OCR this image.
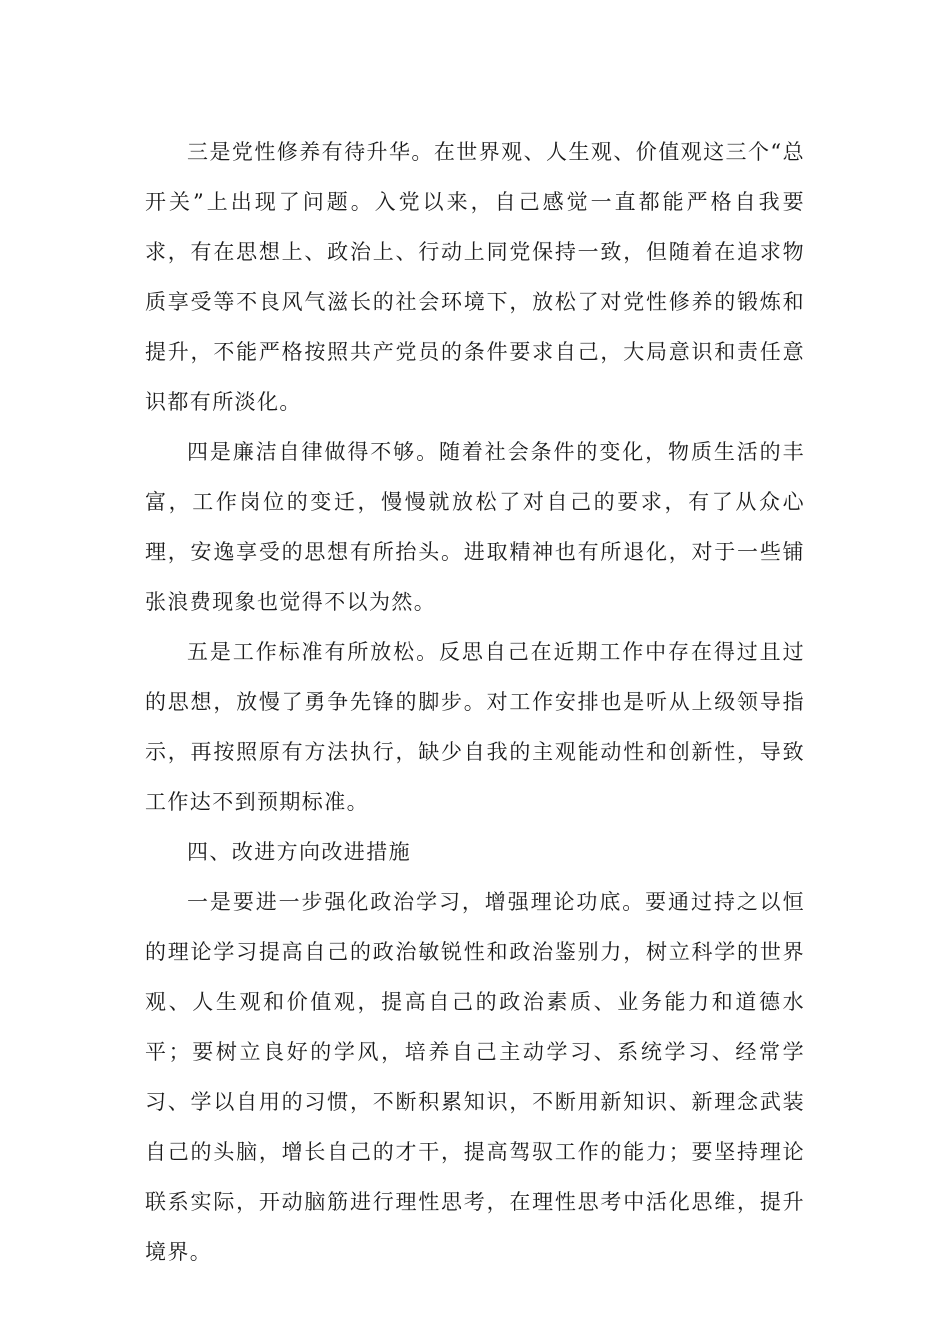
三是党性修养有待升华。在世界观、人生观、价值观这三个“总开关”上出现了问题。入党以来，自己感觉一直都能严格自我要求，有在思想上、政治上、行动上同党保持一致，但随着在追求物质享受等不良风气滋长的社会环境下，放松了对党性修养的锻炼和提升，不能严格按照共产党员的条件要求自己，大局意识和责任意识都有所淡化。

四是廉洁自律做得不够。随着社会条件的变化，物质生活的丰富，工作岗位的变迁，慢慢就放松了对自己的要求，有了从众心理，安逸享受的思想有所抬头。进取精神也有所退化，对于一些铺张浪费现象也觉得不以为然。

五是工作标准有所放松。反思自己在近期工作中存在得过且过的思想，放慢了勇争先锋的脚步。对工作安排也是听从上级领导指示，再按照原有方法执行，缺少自我的主观能动性和创新性，导致工作达不到预期标准。

四、改进方向改进措施

一是要进一步强化政治学习，增强理论功底。要通过持之以恒的理论学习提高自己的政治敏锐性和政治鉴别力，树立科学的世界观、人生观和价值观，提高自己的政治素质、业务能力和道德水平；要树立良好的学风，培养自己主动学习、系统学习、经常学习、学以自用的习惯，不断积累知识，不断用新知识、新理念武装自己的头脑，增长自己的才干，提高驾驭工作的能力；要坚持理论联系实际，开动脑筋进行理性思考，在理性思考中活化思维，提升境界。
